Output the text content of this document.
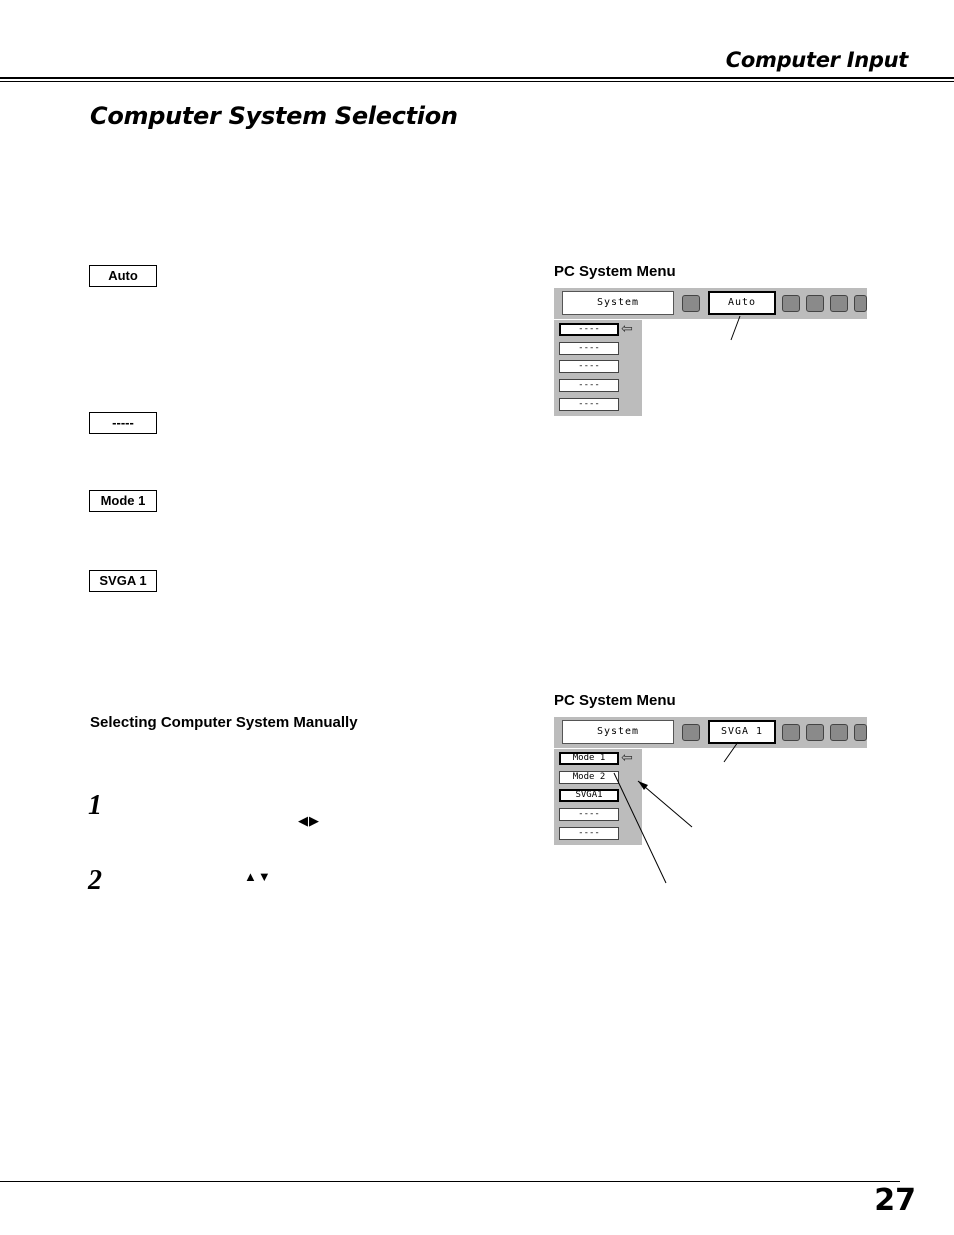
Computer Input
Computer System Selection
Auto
-----
Mode 1
SVGA 1
PC System Menu
System	Auto
----	⇦
----
----
----
----
PC System Menu
System	SVGA 1
Mode 1	⇦
Mode 2
SVGA1
----
----
Selecting Computer System Manually
1	◀▶
2	▲▼
27
